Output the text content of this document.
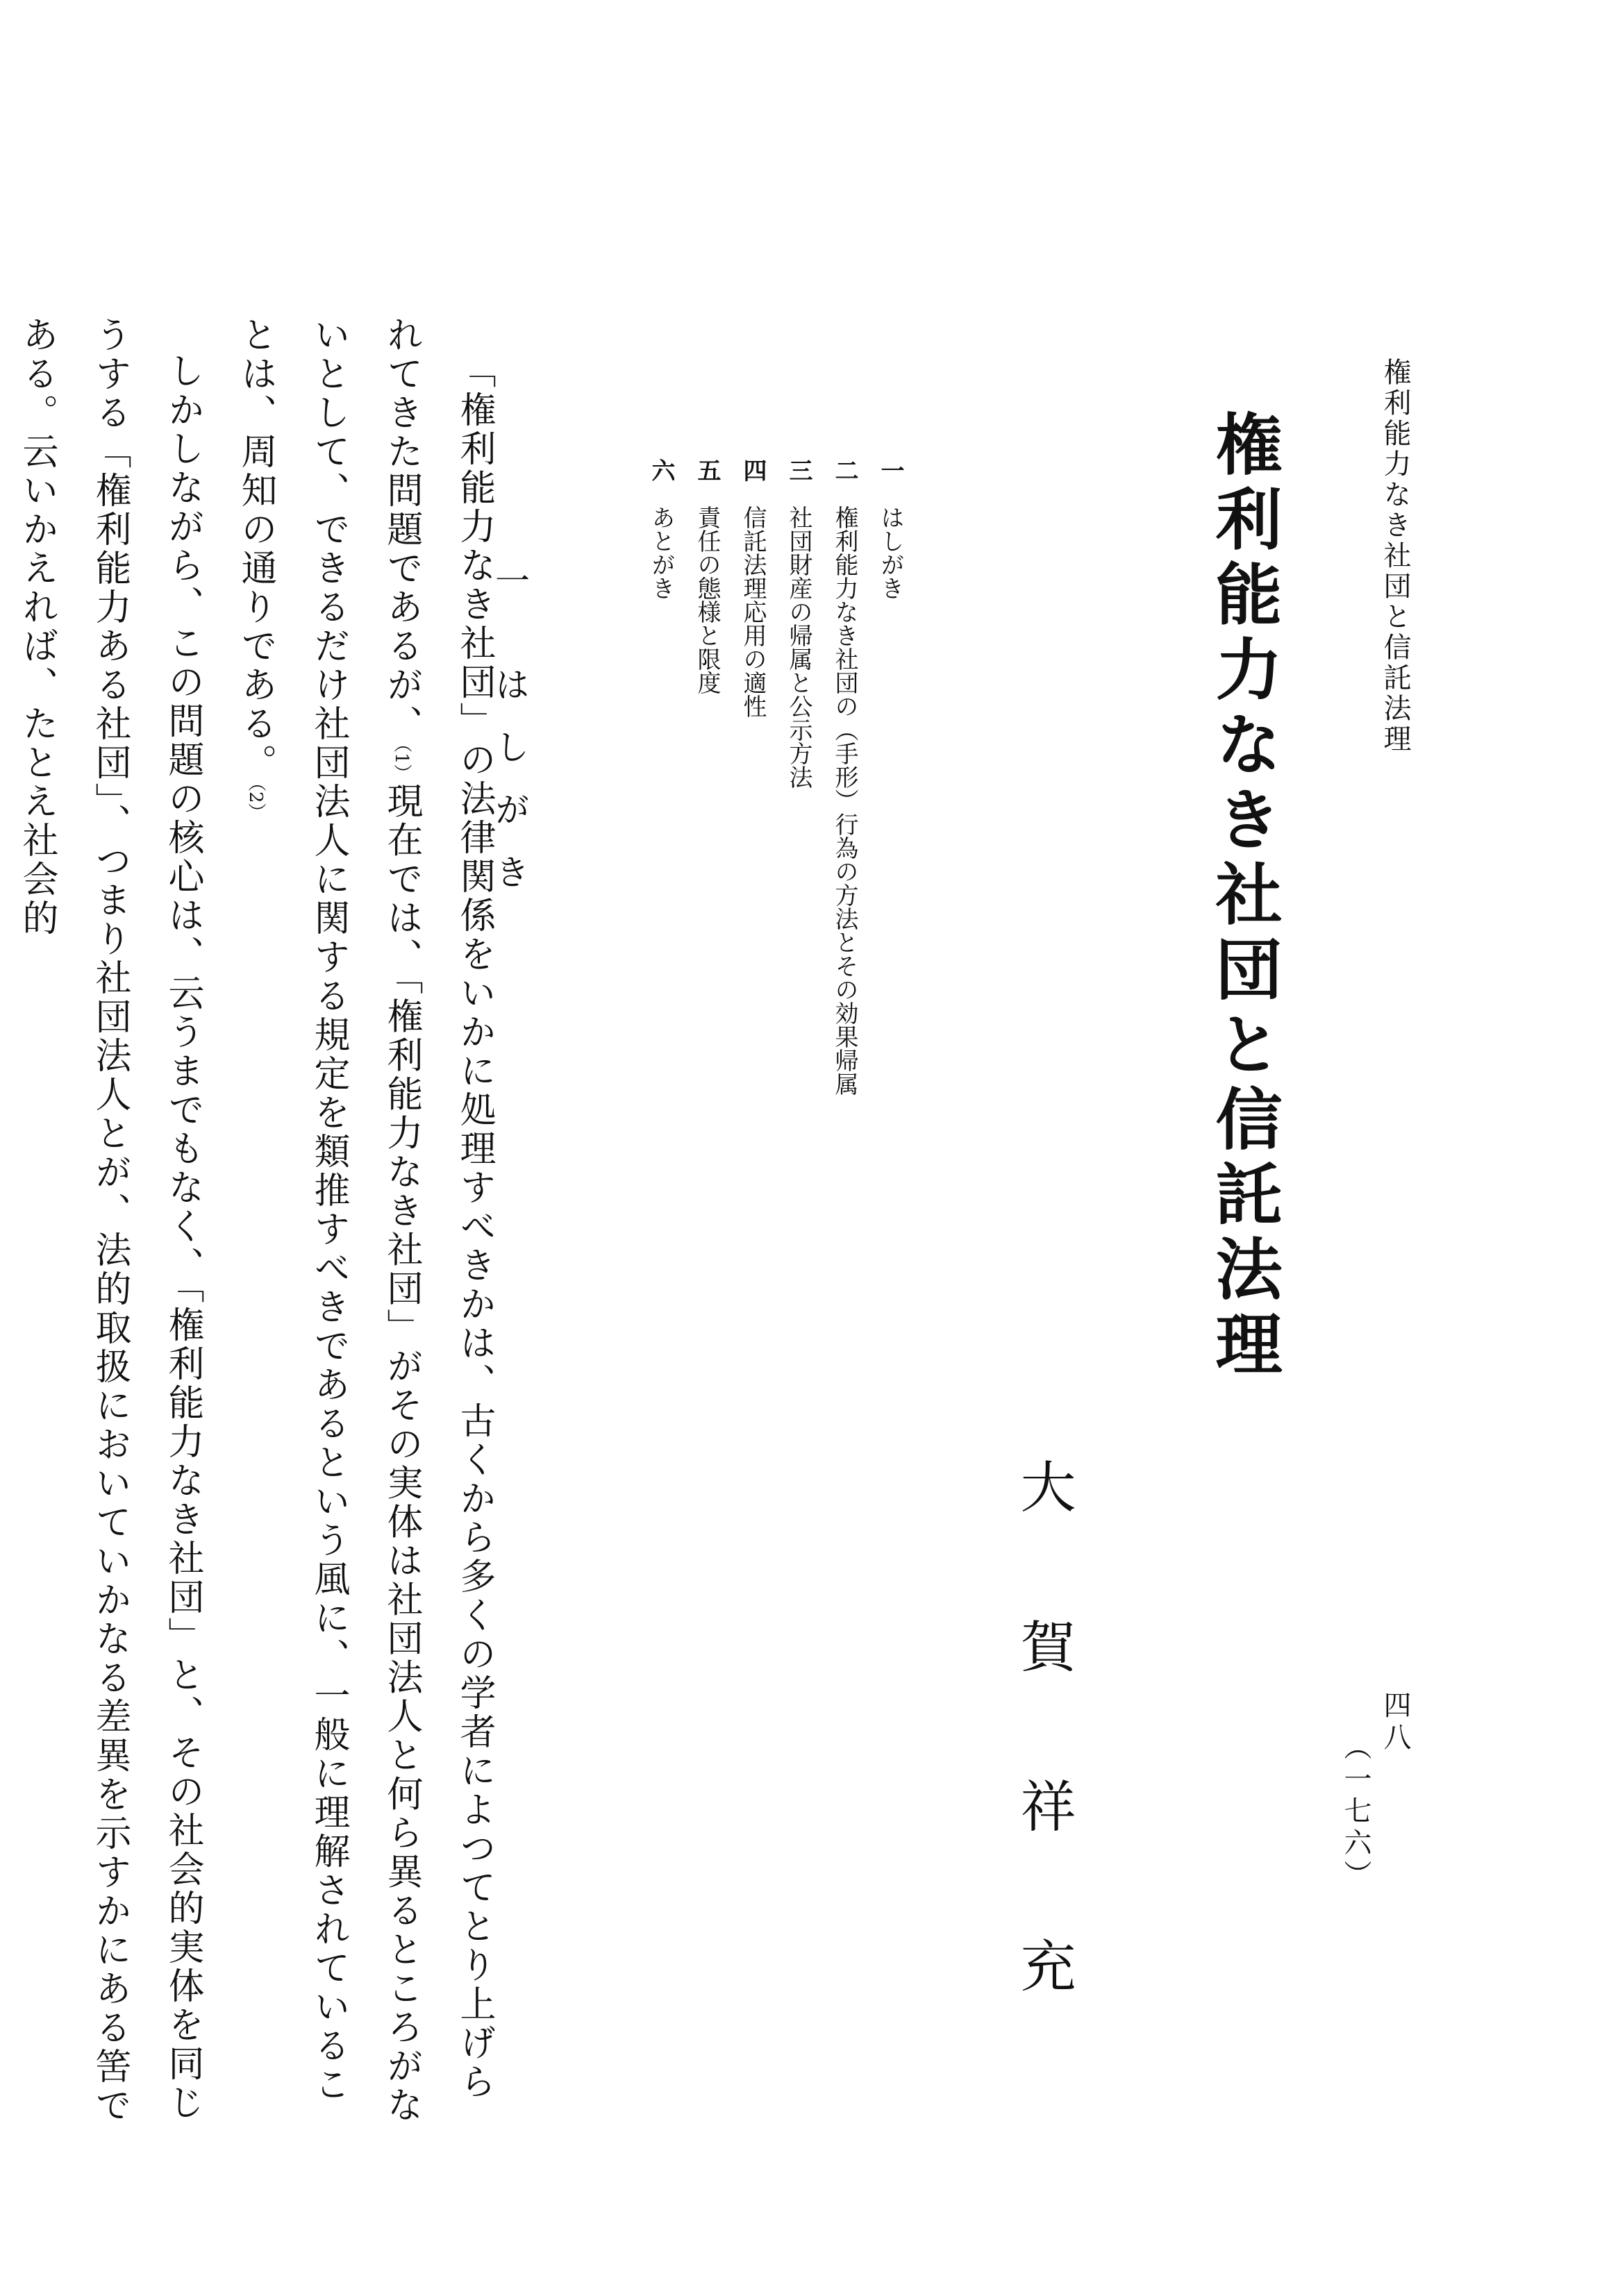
権利能力なき社団と信託法理
四八
（一七六）
権利能力なき社団と信託法理
大賀祥充
一はしがき
二権利能力なき社団の（手形）行為の方法とその効果帰属
三社団財産の帰属と公示方法
四信託法理応用の適性
五責任の態様と限度
六あとがき
一はしがき

「権利能力なき社団」の法律関係をいかに処理すべきかは、古くから多くの学者によつてとり上げられてきた問題であるが、（1）現在では、「権利能力なき社団」がその実体は社団法人と何ら異るところがないとして、できるだけ社団法人に関する規定を類推すべきであるという風に、一般に理解されていることは、周知の通りである。（2）

しかしながら、この問題の核心は、云うまでもなく、「権利能力なき社団」と、その社会的実体を同じうする「権利能力ある社団」、つまり社団法人とが、法的取扱においていかなる差異を示すかにある筈である。云いかえれば、たとえ社会的
